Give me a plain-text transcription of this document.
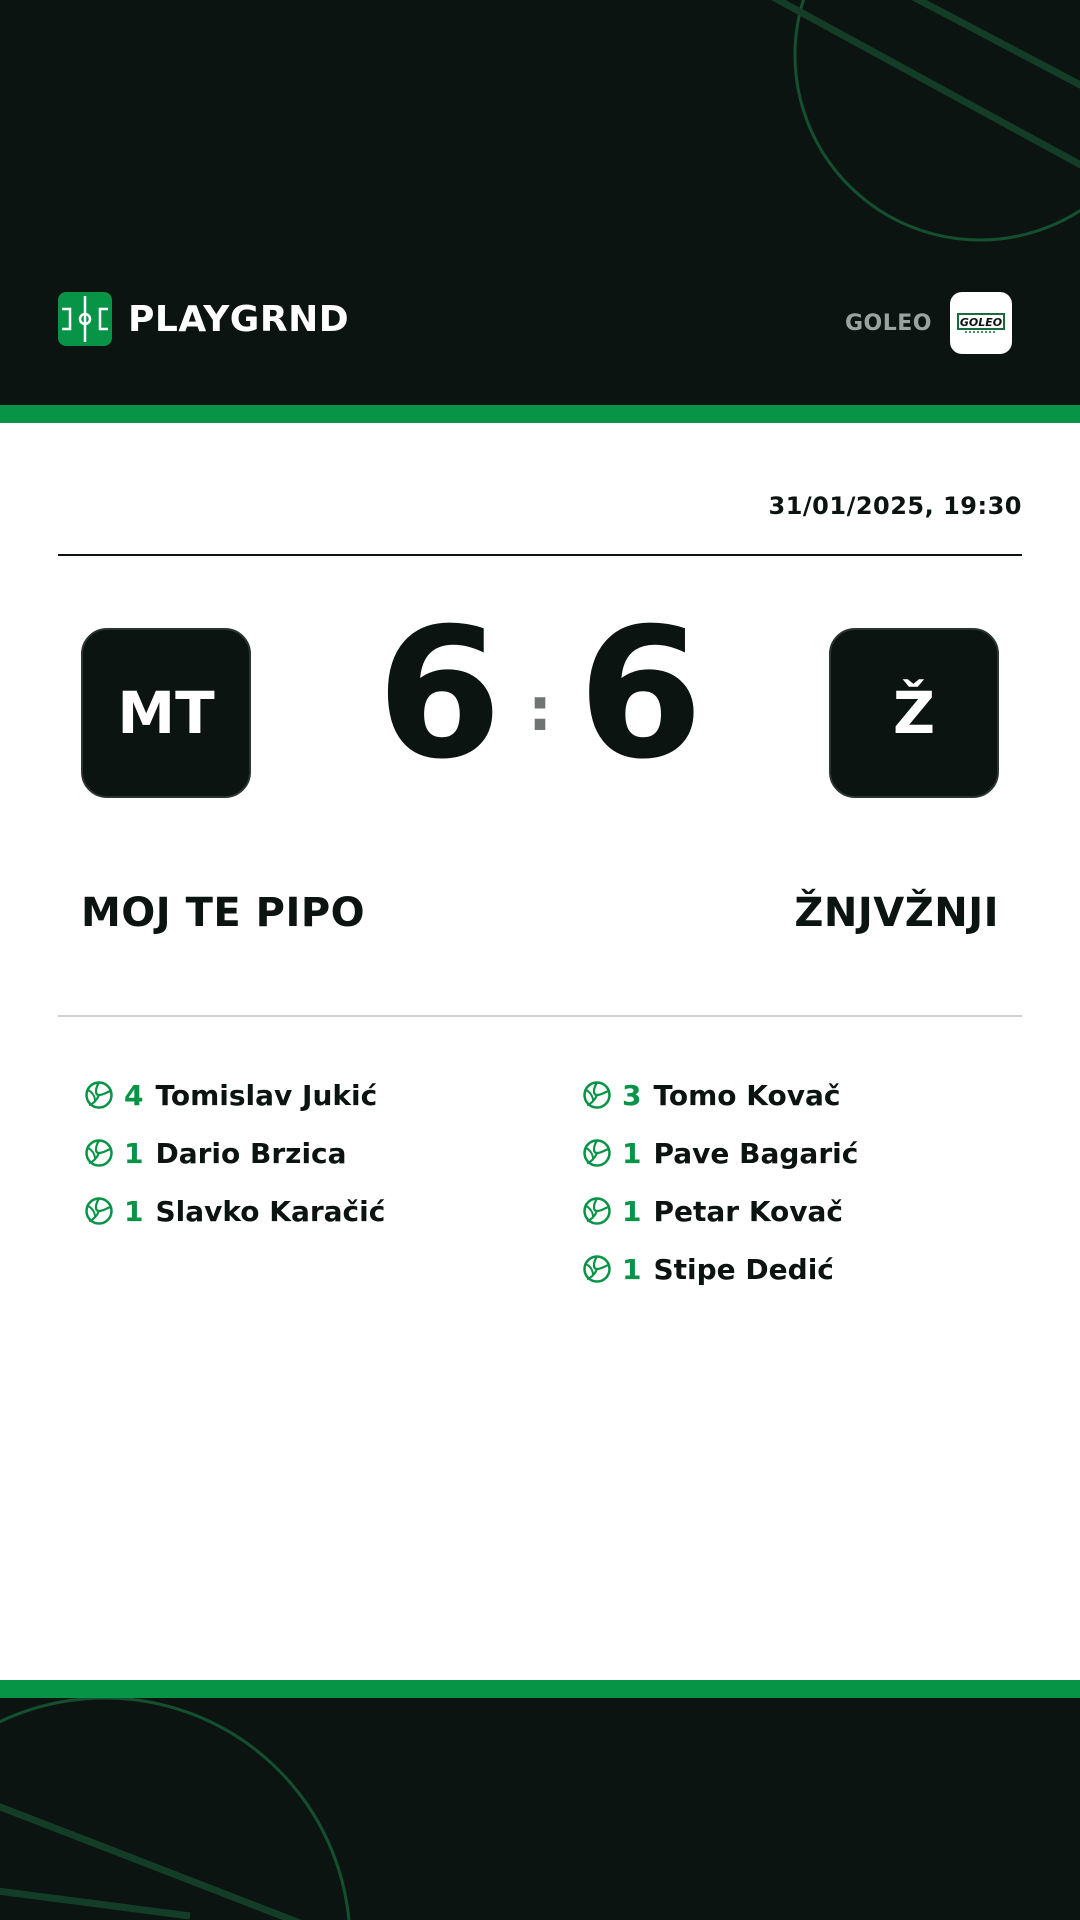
PLAYGRND	GOLEO	GOLEO
31/01/2025, 19:30
MT 6 : 6	Ž
MOJ TE PIPO	ŽNJVŽNJI
4 Tomislav Jukić
1 Dario Brzica
1 Slavko Karačić
3 Tomo Kovač
1 Pave Bagarić
1 Petar Kovač
1 Stipe Dedić
